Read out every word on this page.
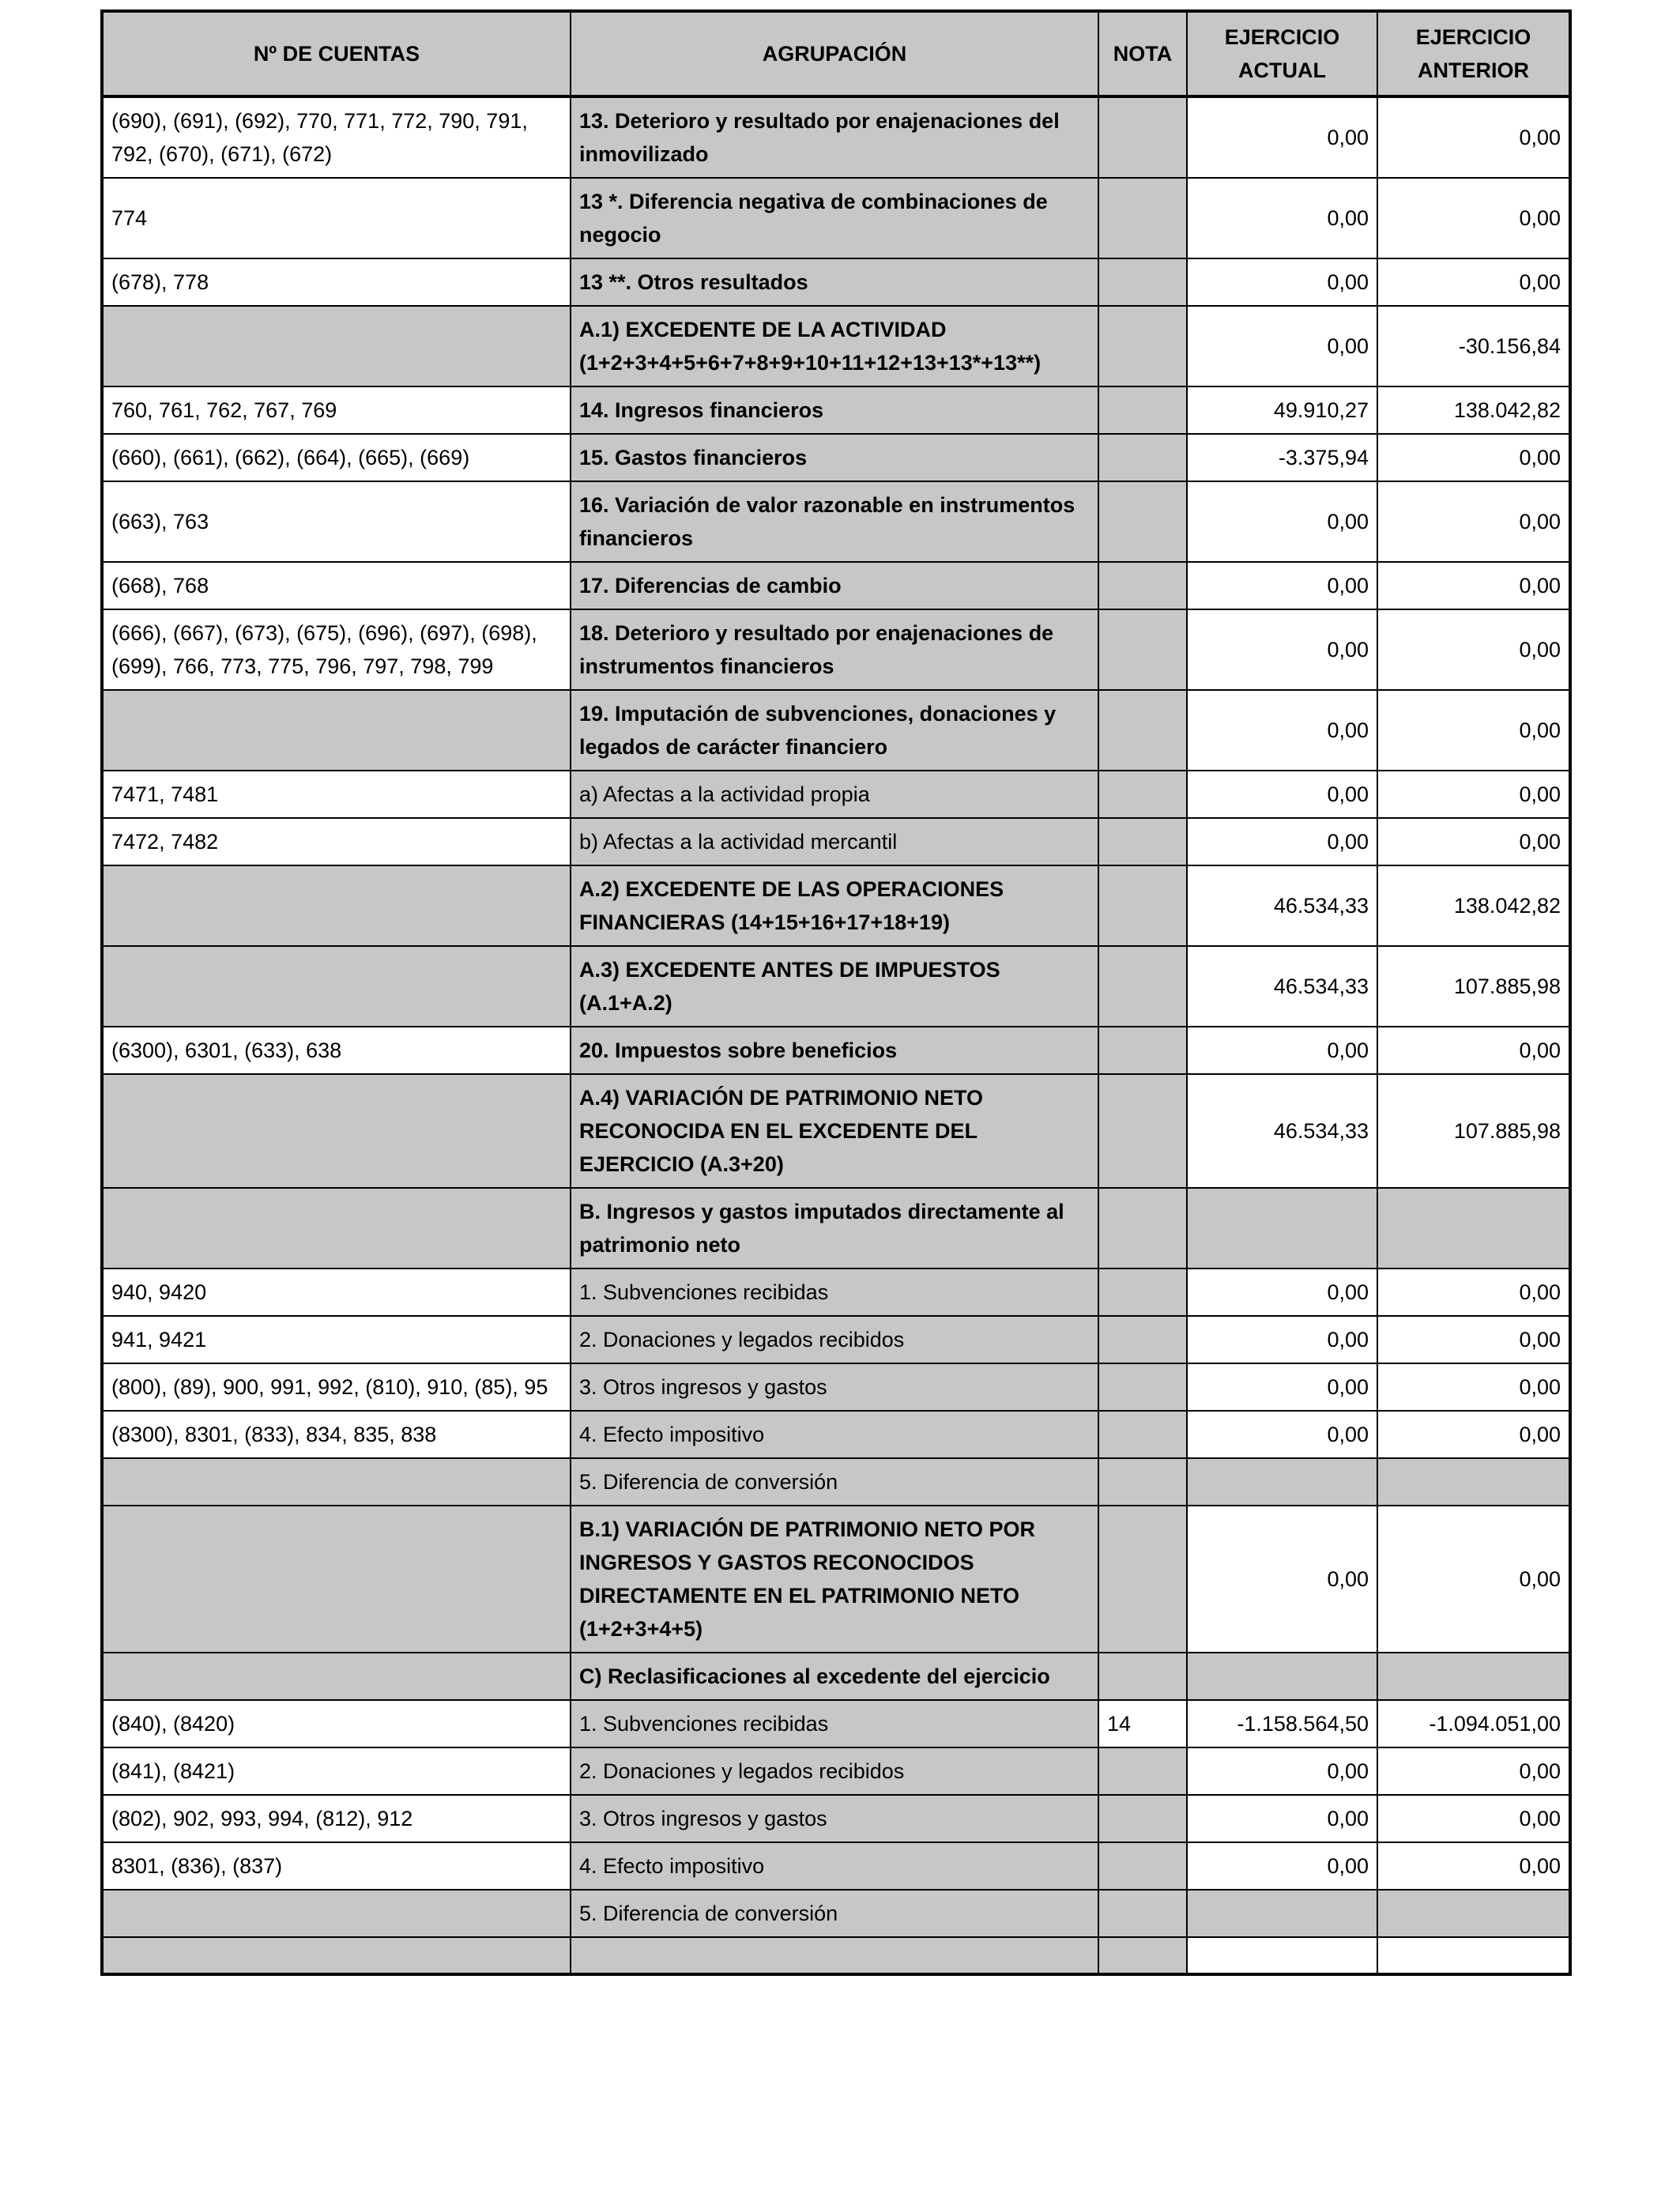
Nº DE CUENTAS	AGRUPACIÓN	NOTA	EJERCICIO ACTUAL	EJERCICIO ANTERIOR
(690), (691), (692), 770, 771, 772, 790, 791, 792, (670), (671), (672)	13. Deterioro y resultado por enajenaciones del inmovilizado		0,00	0,00
774	13 *. Diferencia negativa de combinaciones de negocio		0,00	0,00
(678), 778	13 **. Otros resultados		0,00	0,00
	A.1) EXCEDENTE DE LA ACTIVIDAD (1+2+3+4+5+6+7+8+9+10+11+12+13+13*+13**)		0,00	-30.156,84
760, 761, 762, 767, 769	14. Ingresos financieros		49.910,27	138.042,82
(660), (661), (662), (664), (665), (669)	15. Gastos financieros		-3.375,94	0,00
(663), 763	16. Variación de valor razonable en instrumentos financieros		0,00	0,00
(668), 768	17. Diferencias de cambio		0,00	0,00
(666), (667), (673), (675), (696), (697), (698), (699), 766, 773, 775, 796, 797, 798, 799	18. Deterioro y resultado por enajenaciones de instrumentos financieros		0,00	0,00
	19. Imputación de subvenciones, donaciones y legados de carácter financiero		0,00	0,00
7471, 7481	a) Afectas a la actividad propia		0,00	0,00
7472, 7482	b) Afectas a la actividad mercantil		0,00	0,00
	A.2) EXCEDENTE DE LAS OPERACIONES FINANCIERAS (14+15+16+17+18+19)		46.534,33	138.042,82
	A.3) EXCEDENTE ANTES DE IMPUESTOS (A.1+A.2)		46.534,33	107.885,98
(6300), 6301, (633), 638	20. Impuestos sobre beneficios		0,00	0,00
	A.4) VARIACIÓN DE PATRIMONIO NETO RECONOCIDA EN EL EXCEDENTE DEL EJERCICIO (A.3+20)		46.534,33	107.885,98
	B. Ingresos y gastos imputados directamente al patrimonio neto			
940, 9420	1. Subvenciones recibidas		0,00	0,00
941, 9421	2. Donaciones y legados recibidos		0,00	0,00
(800), (89), 900, 991, 992, (810), 910, (85), 95	3. Otros ingresos y gastos		0,00	0,00
(8300), 8301, (833), 834, 835, 838	4. Efecto impositivo		0,00	0,00
	5. Diferencia de conversión			
	B.1) VARIACIÓN DE PATRIMONIO NETO POR INGRESOS Y GASTOS RECONOCIDOS DIRECTAMENTE EN EL PATRIMONIO NETO (1+2+3+4+5)		0,00	0,00
	C) Reclasificaciones al excedente del ejercicio			
(840), (8420)	1. Subvenciones recibidas	14	-1.158.564,50	-1.094.051,00
(841), (8421)	2. Donaciones y legados recibidos		0,00	0,00
(802), 902, 993, 994, (812), 912	3. Otros ingresos y gastos		0,00	0,00
8301, (836), (837)	4. Efecto impositivo		0,00	0,00
	5. Diferencia de conversión			
